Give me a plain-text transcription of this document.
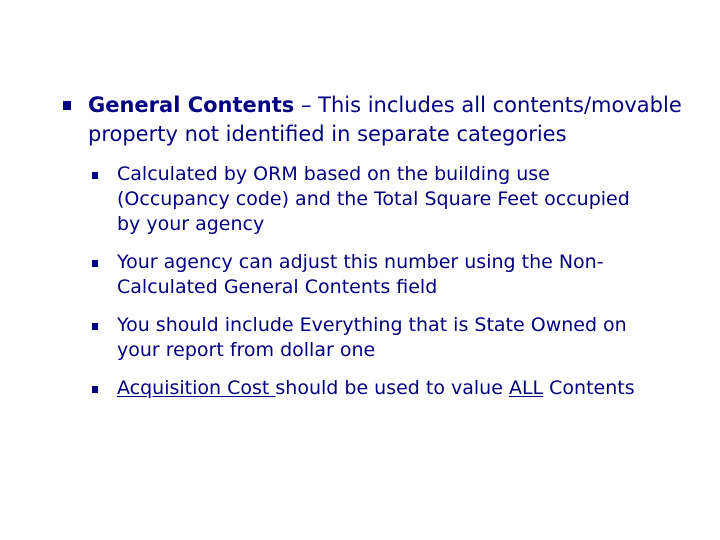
General Contents – This includes all contents/movable property not identified in separate categories
Calculated by ORM based on the building use (Occupancy code) and the Total Square Feet occupied by your agency
Your agency can adjust this number using the Non-Calculated General Contents field
You should include Everything that is State Owned on your report from dollar one
Acquisition Cost should be used to value ALL Contents
